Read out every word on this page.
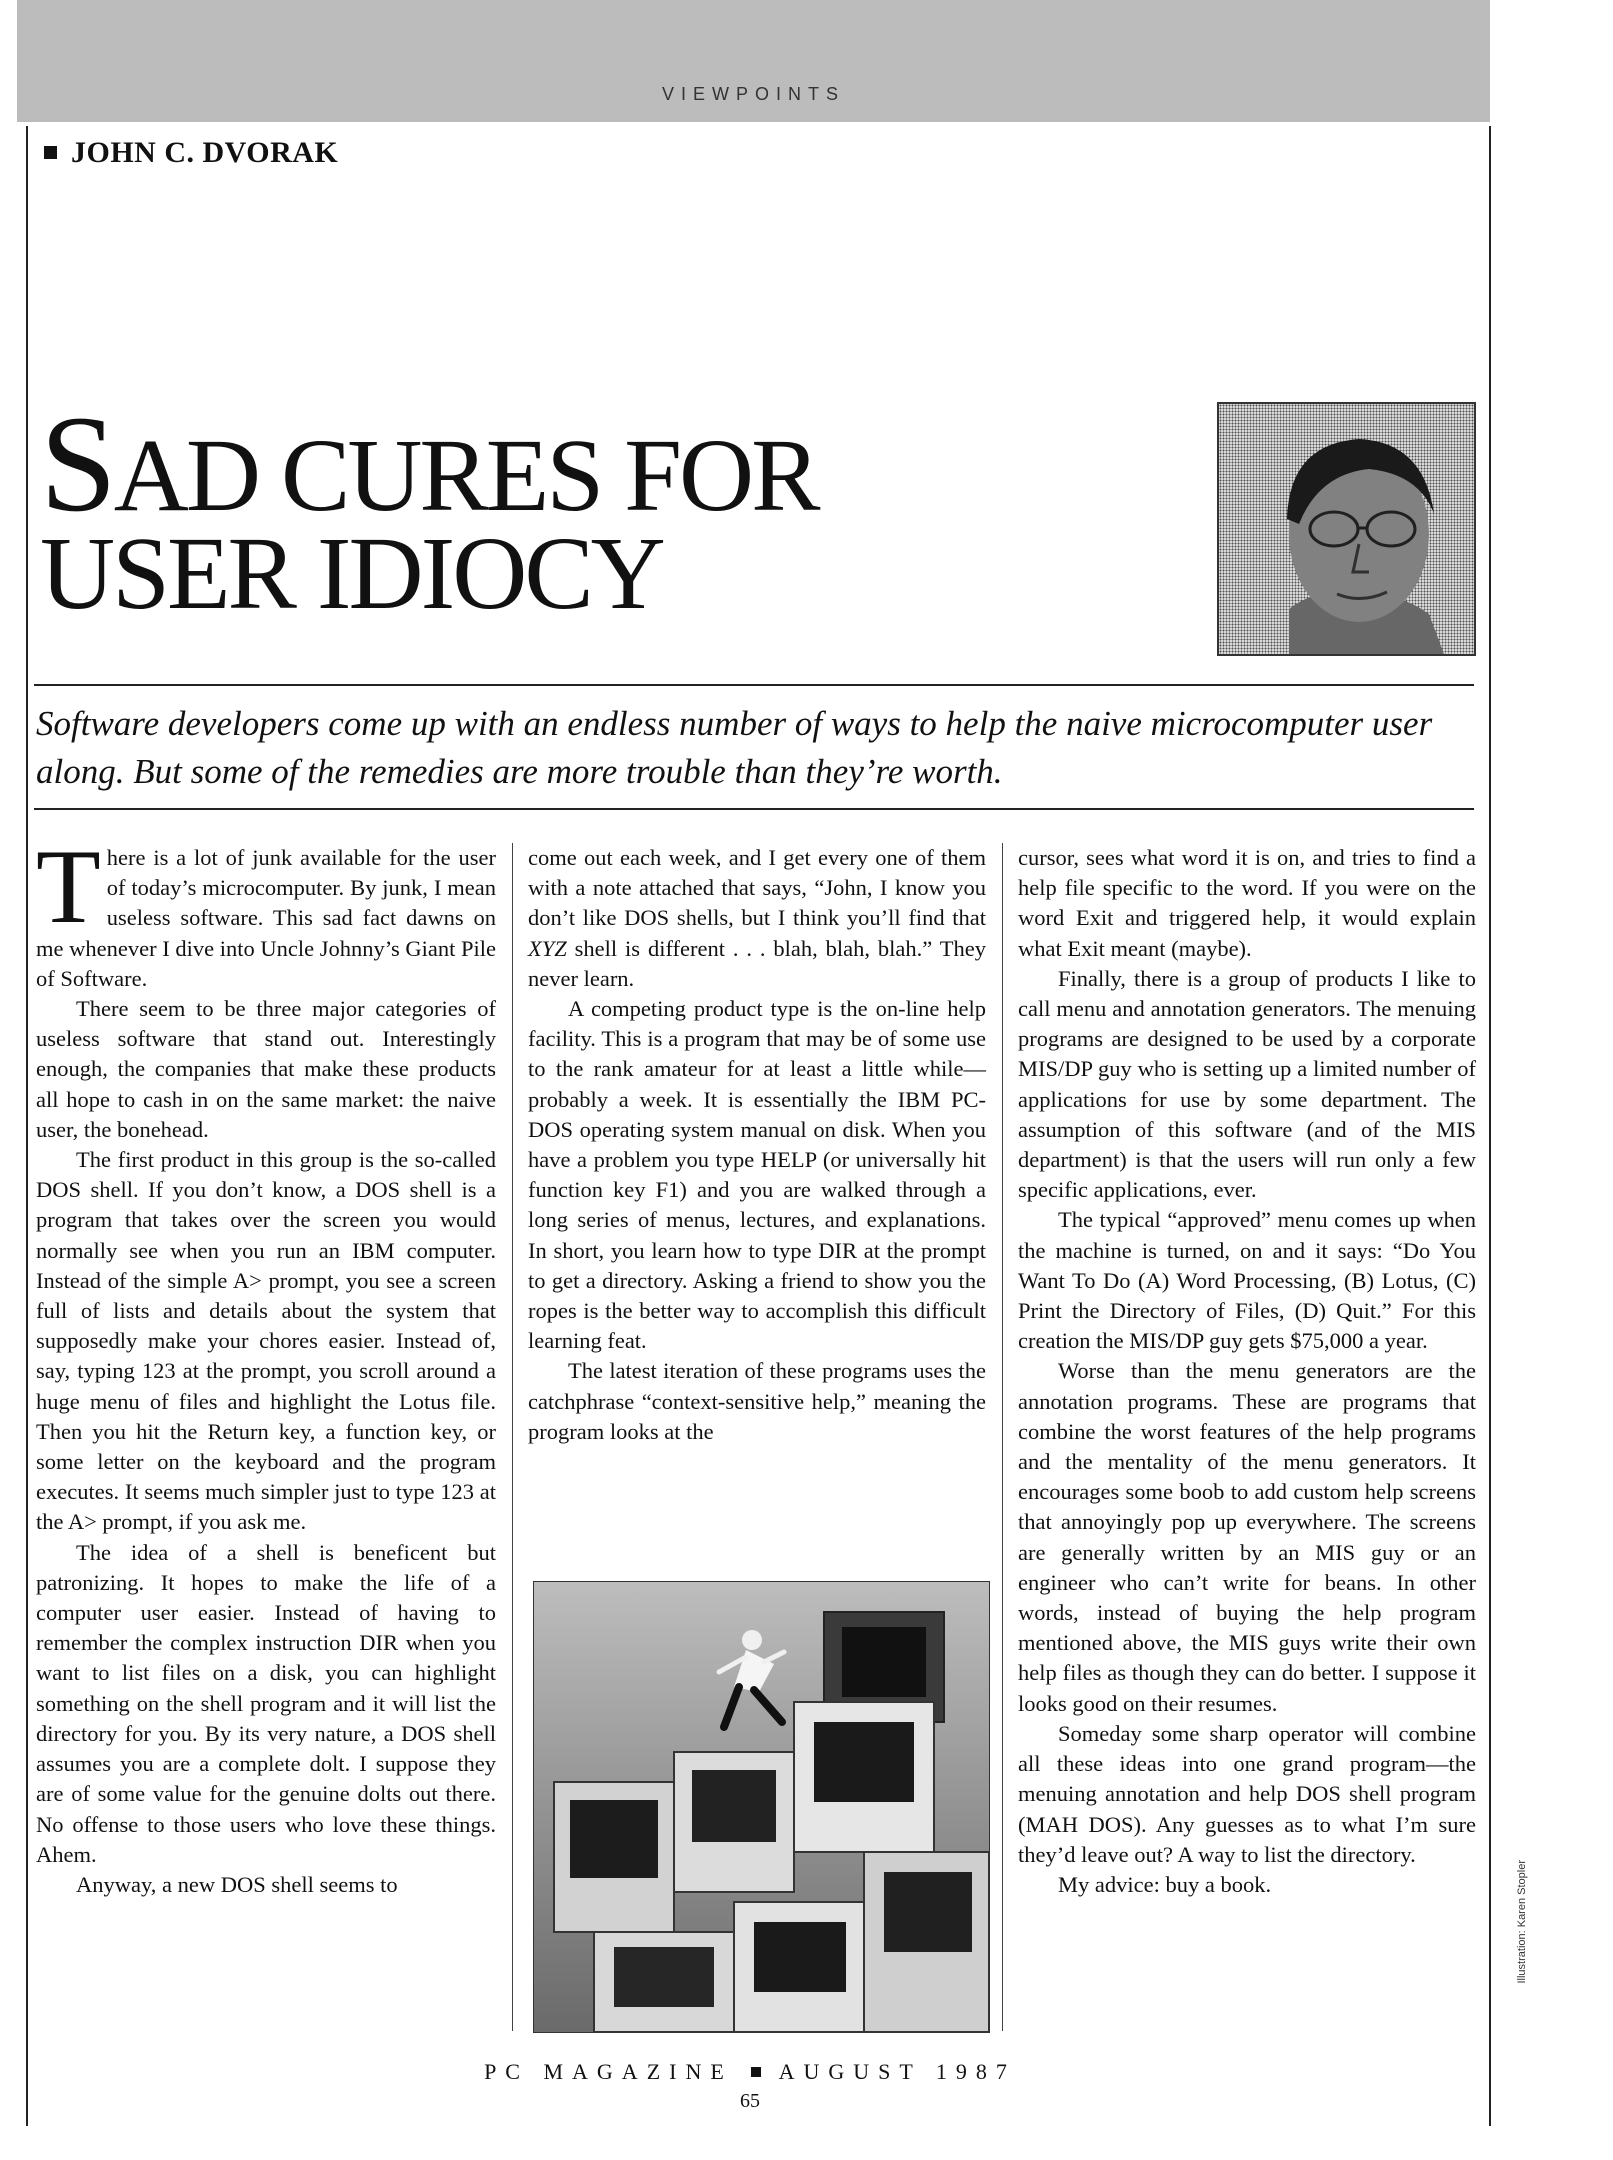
VIEWPOINTS
JOHN C. DVORAK
SAD CURES FOR
USER IDIOCY

Software developers come up with an endless number of ways to help the naive microcomputer user along. But some of the remedies are more trouble than they’re worth.

There is a lot of junk available for the user of today’s microcomputer. By junk, I mean useless software. This sad fact dawns on me whenever I dive into Uncle Johnny’s Giant Pile of Software.

There seem to be three major categories of useless software that stand out. Interestingly enough, the companies that make these products all hope to cash in on the same market: the naive user, the bonehead.

The first product in this group is the so-called DOS shell. If you don’t know, a DOS shell is a program that takes over the screen you would normally see when you run an IBM computer. Instead of the simple A> prompt, you see a screen full of lists and details about the system that supposedly make your chores easier. Instead of, say, typing 123 at the prompt, you scroll around a huge menu of files and highlight the Lotus file. Then you hit the Return key, a function key, or some letter on the keyboard and the program executes. It seems much simpler just to type 123 at the A> prompt, if you ask me.

The idea of a shell is beneficent but patronizing. It hopes to make the life of a computer user easier. Instead of having to remember the complex instruction DIR when you want to list files on a disk, you can highlight something on the shell program and it will list the directory for you. By its very nature, a DOS shell assumes you are a complete dolt. I suppose they are of some value for the genuine dolts out there. No offense to those users who love these things. Ahem.

Anyway, a new DOS shell seems to

come out each week, and I get every one of them with a note attached that says, “John, I know you don’t like DOS shells, but I think you’ll find that XYZ shell is different . . . blah, blah, blah.” They never learn.

A competing product type is the on-line help facility. This is a program that may be of some use to the rank amateur for at least a little while—probably a week. It is essentially the IBM PC-DOS operating system manual on disk. When you have a problem you type HELP (or universally hit function key F1) and you are walked through a long series of menus, lectures, and explanations. In short, you learn how to type DIR at the prompt to get a directory. Asking a friend to show you the ropes is the better way to accomplish this difficult learning feat.

The latest iteration of these programs uses the catchphrase “context-sensitive help,” meaning the program looks at the

cursor, sees what word it is on, and tries to find a help file specific to the word. If you were on the word Exit and triggered help, it would explain what Exit meant (maybe).

Finally, there is a group of products I like to call menu and annotation generators. The menuing programs are designed to be used by a corporate MIS/DP guy who is setting up a limited number of applications for use by some department. The assumption of this software (and of the MIS department) is that the users will run only a few specific applications, ever.

The typical “approved” menu comes up when the machine is turned, on and it says: “Do You Want To Do (A) Word Processing, (B) Lotus, (C) Print the Directory of Files, (D) Quit.” For this creation the MIS/DP guy gets $75,000 a year.

Worse than the menu generators are the annotation programs. These are programs that combine the worst features of the help programs and the mentality of the menu generators. It encourages some boob to add custom help screens that annoyingly pop up everywhere. The screens are generally written by an MIS guy or an engineer who can’t write for beans. In other words, instead of buying the help program mentioned above, the MIS guys write their own help files as though they can do better. I suppose it looks good on their resumes.

Someday some sharp operator will combine all these ideas into one grand program—the menuing annotation and help DOS shell program (MAH DOS). Any guesses as to what I’m sure they’d leave out? A way to list the directory.

My advice: buy a book.	Illustration: Karen Stopler
PC MAGAZINE AUGUST 1987
65
